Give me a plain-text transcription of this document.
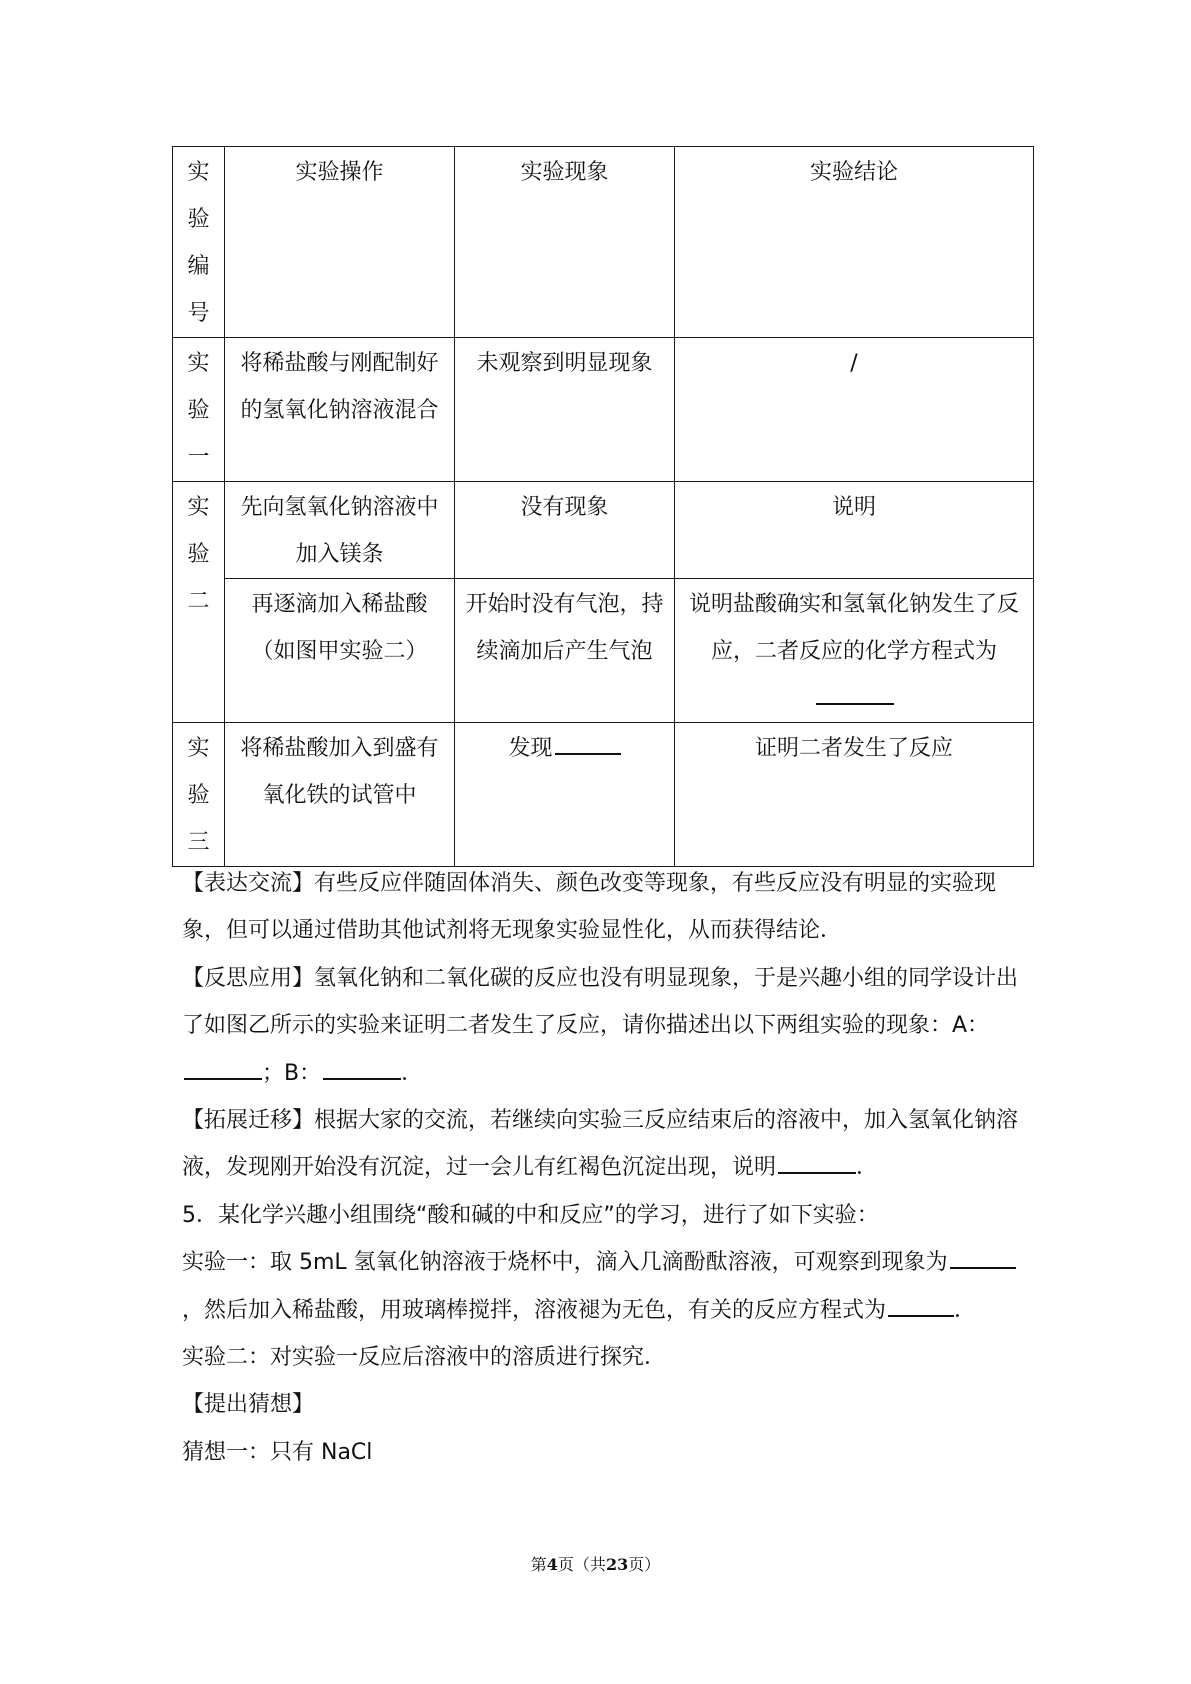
实
验
编
号	实验操作	实验现象	实验结论

实
验
一	将稀盐酸与刚配制好的氢氧化钠溶液混合	未观察到明显现象	/

实
验
二	先向氢氧化钠溶液中加入镁条	没有现象	说明
	再逐滴加入稀盐酸（如图甲实验二）	开始时没有气泡，持续滴加后产生气泡	说明盐酸确实和氢氧化钠发生了反应，二者反应的化学方程式为

实
验
三	将稀盐酸加入到盛有氧化铁的试管中	发现	证明二者发生了反应

【表达交流】有些反应伴随固体消失、颜色改变等现象，有些反应没有明显的实验现象，但可以通过借助其他试剂将无现象实验显性化，从而获得结论．

【反思应用】氢氧化钠和二氧化碳的反应也没有明显现象，于是兴趣小组的同学设计出了如图乙所示的实验来证明二者发生了反应，请你描述出以下两组实验的现象：A：；B：	．

【拓展迁移】根据大家的交流，若继续向实验三反应结束后的溶液中，加入氢氧化钠溶液，发现刚开始没有沉淀，过一会儿有红褐色沉淀出现，说明	．

5．某化学兴趣小组围绕“酸和碱的中和反应”的学习，进行了如下实验：

实验一：取 5mL 氢氧化钠溶液于烧杯中，滴入几滴酚酞溶液，可观察到现象为，然后加入稀盐酸，用玻璃棒搅拌，溶液褪为无色，有关的反应方程式为	．

实验二：对实验一反应后溶液中的溶质进行探究．

【提出猜想】

猜想一：只有 NaCl

第4页（共23页）
